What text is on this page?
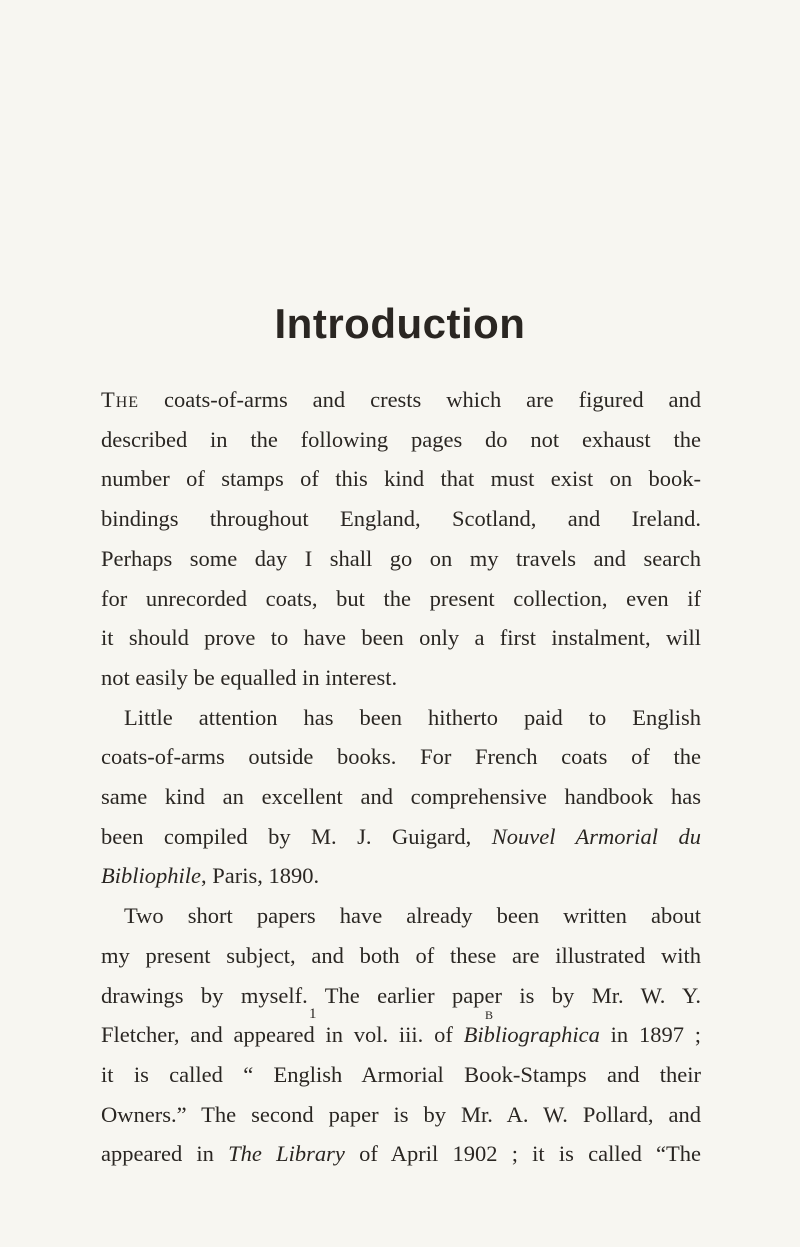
Introduction
The coats-of-arms and crests which are figured and
described in the following pages do not exhaust the
number of stamps of this kind that must exist on book-
bindings throughout England, Scotland, and Ireland.
Perhaps some day I shall go on my travels and search
for unrecorded coats, but the present collection, even if
it should prove to have been only a first instalment, will
not easily be equalled in interest.
Little attention has been hitherto paid to English
coats-of-arms outside books. For French coats of the
same kind an excellent and comprehensive handbook has
been compiled by M. J. Guigard, Nouvel Armorial du
Bibliophile, Paris, 1890.
Two short papers have already been written about
my present subject, and both of these are illustrated with
drawings by myself. The earlier paper is by Mr. W. Y.
Fletcher, and appeared in vol. iii. of Bibliographica in 1897 ;
it is called “ English Armorial Book-Stamps and their
Owners.” The second paper is by Mr. A. W. Pollard, and
appeared in The Library of April 1902 ; it is called “The
1	B
